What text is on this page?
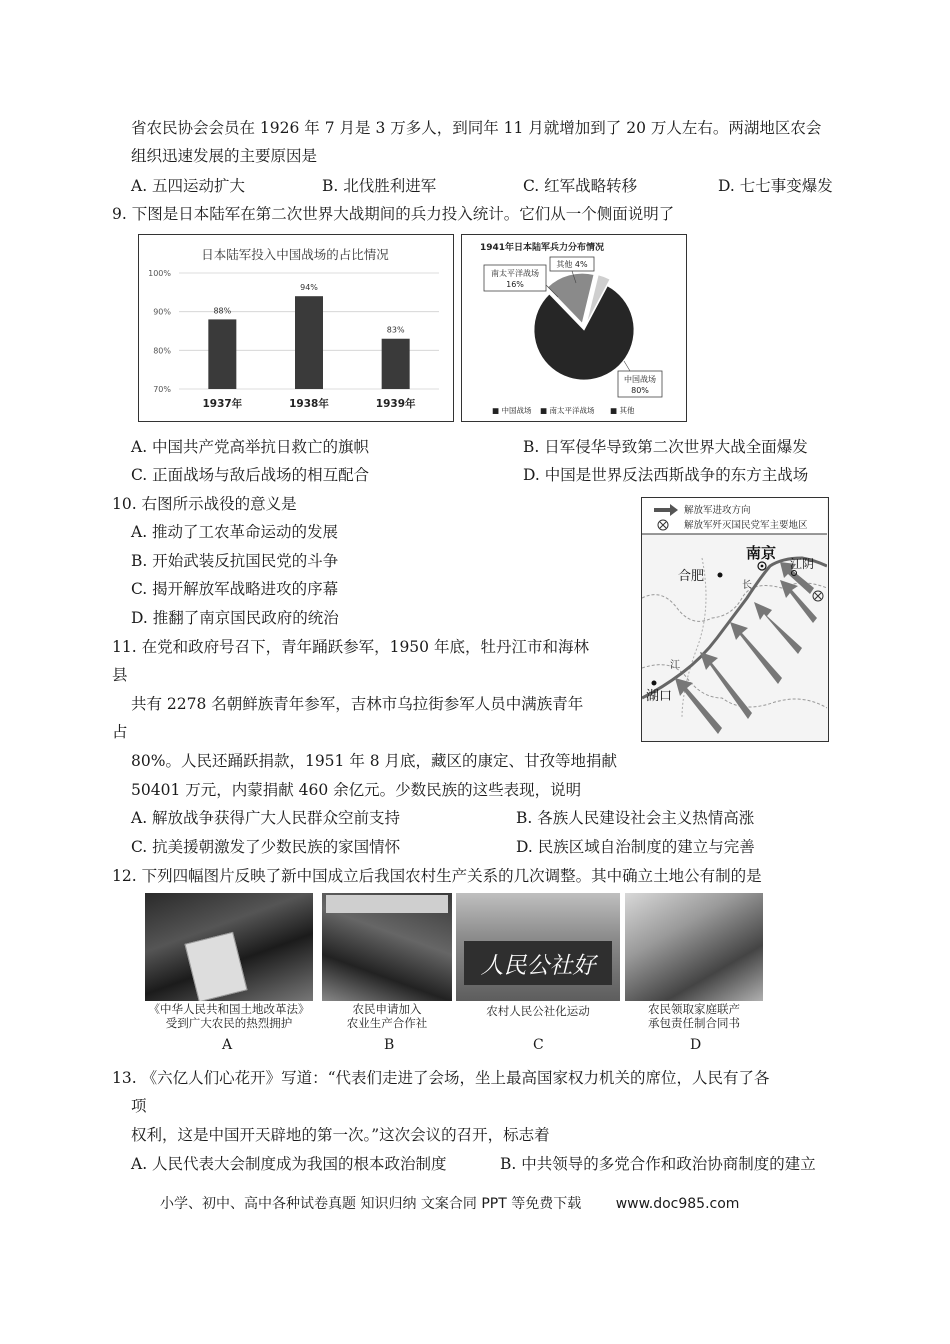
省农民协会会员在 1926 年 7 月是 3 万多人，到同年 11 月就增加到了 20 万人左右。两湖地区农会
组织迅速发展的主要原因是
A. 五四运动扩大	B. 北伐胜利进军	C. 红军战略转移	D. 七七事变爆发
9. 下图是日本陆军在第二次世界大战期间的兵力投入统计。它们从一个侧面说明了
日本陆军投入中国战场的占比情况
100%
90%
80%
70%
88%
1937年
94%
1938年
83%
1939年
1941年日本陆军兵力分布情况
南太平洋战场
16%
其他 4%
中国战场
80%
■ 中国战场 ■ 南太平洋战场 ■ 其他
A. 中国共产党高举抗日救亡的旗帜	B. 日军侵华导致第二次世界大战全面爆发
C. 正面战场与敌后战场的相互配合	D. 中国是世界反法西斯战争的东方主战场
10. 右图所示战役的意义是
A. 推动了工农革命运动的发展
B. 开始武装反抗国民党的斗争
C. 揭开解放军战略进攻的序幕
D. 推翻了南京国民政府的统治
解放军进攻方向
解放军歼灭国民党军主要地区
南京
合肥
江阴
湖口
长
江
11. 在党和政府号召下，青年踊跃参军，1950 年底，牡丹江市和海林
县
共有 2278 名朝鲜族青年参军，吉林市乌拉街参军人员中满族青年
占
80%。人民还踊跃捐款，1951 年 8 月底，藏区的康定、甘孜等地捐献
50401 万元，内蒙捐献 460 余亿元。少数民族的这些表现，说明
A. 解放战争获得广大人民群众空前支持	B. 各族人民建设社会主义热情高涨
C. 抗美援朝激发了少数民族的家国情怀	D. 民族区域自治制度的建立与完善
12. 下列四幅图片反映了新中国成立后我国农村生产关系的几次调整。其中确立土地公有制的是
人民公社好
《中华人民共和国土地改革法》
受到广大农民的热烈拥护
农民申请加入
农业生产合作社
农村人民公社化运动	农民领取家庭联产
承包责任制合同书
A	B	C	D
13. 《六亿人们心花开》写道：“代表们走进了会场，坐上最高国家权力机关的席位，人民有了各
项
权利，这是中国开天辟地的第一次。”这次会议的召开，标志着
A. 人民代表大会制度成为我国的根本政治制度	B. 中共领导的多党合作和政治协商制度的建立
小学、初中、高中各种试卷真题 知识归纳 文案合同 PPT 等免费下载 www.doc985.com
